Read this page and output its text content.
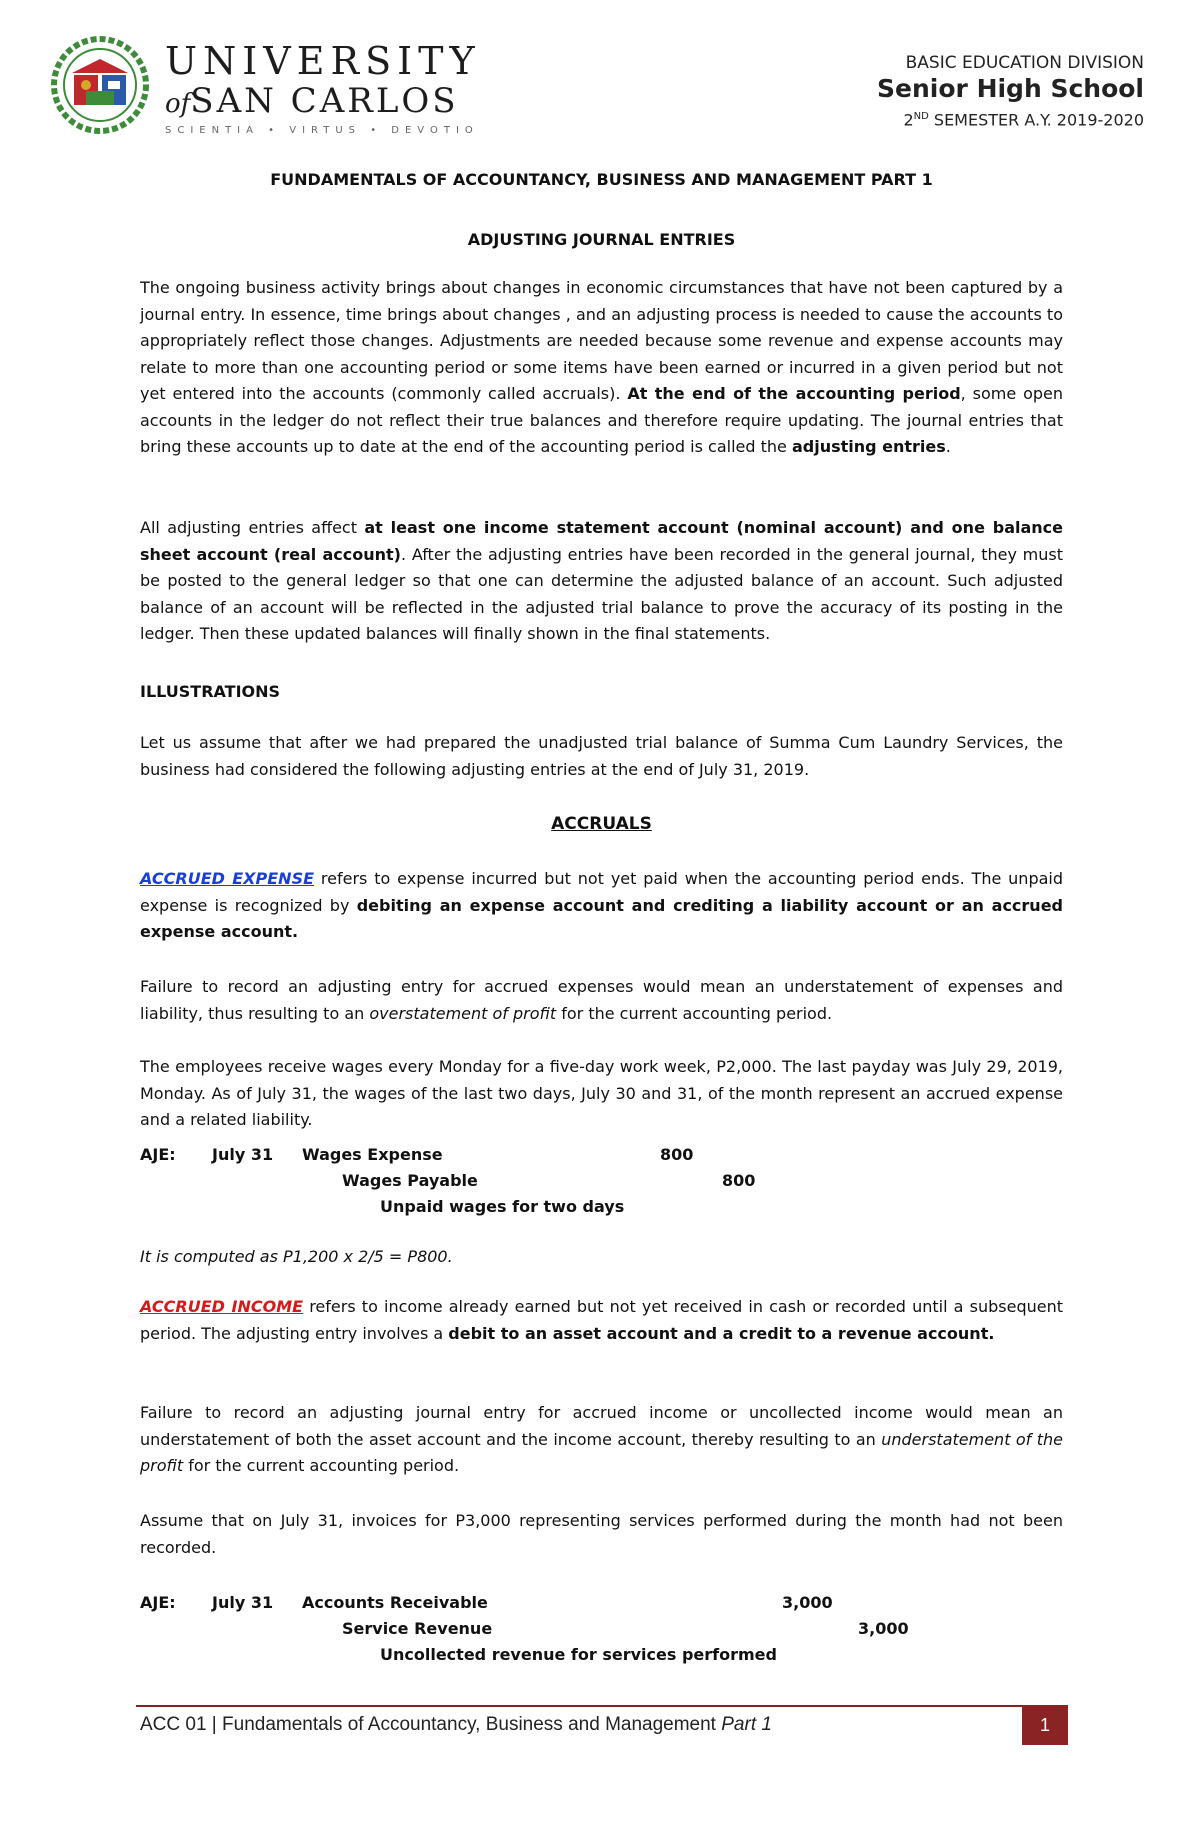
UNIVERSITY
ofSAN CARLOS
SCIENTIA • VIRTUS • DEVOTIO
BASIC EDUCATION DIVISION
Senior High School
2ND SEMESTER A.Y. 2019-2020

FUNDAMENTALS OF ACCOUNTANCY, BUSINESS AND MANAGEMENT PART 1

ADJUSTING JOURNAL ENTRIES

The ongoing business activity brings about changes in economic circumstances that have not been captured by a journal entry. In essence, time brings about changes , and an adjusting process is needed to cause the accounts to appropriately reflect those changes. Adjustments are needed because some revenue and expense accounts may relate to more than one accounting period or some items have been earned or incurred in a given period but not yet entered into the accounts (commonly called accruals). At the end of the accounting period, some open accounts in the ledger do not reflect their true balances and therefore require updating. The journal entries that bring these accounts up to date at the end of the accounting period is called the adjusting entries.

All adjusting entries affect at least one income statement account (nominal account) and one balance sheet account (real account). After the adjusting entries have been recorded in the general journal, they must be posted to the general ledger so that one can determine the adjusted balance of an account. Such adjusted balance of an account will be reflected in the adjusted trial balance to prove the accuracy of its posting in the ledger. Then these updated balances will finally shown in the final statements.

ILLUSTRATIONS

Let us assume that after we had prepared the unadjusted trial balance of Summa Cum Laundry Services, the business had considered the following adjusting entries at the end of July 31, 2019.

ACCRUALS

ACCRUED EXPENSE refers to expense incurred but not yet paid when the accounting period ends. The unpaid expense is recognized by debiting an expense account and crediting a liability account or an accrued expense account.

Failure to record an adjusting entry for accrued expenses would mean an understatement of expenses and liability, thus resulting to an overstatement of profit for the current accounting period.

The employees receive wages every Monday for a five-day work week, P2,000. The last payday was July 29, 2019, Monday. As of July 31, the wages of the last two days, July 30 and 31, of the month represent an accrued expense and a related liability.

AJE: July 31 Wages Expense	800
Wages Payable	800
Unpaid wages for two days

It is computed as P1,200 x 2/5 = P800.

ACCRUED INCOME refers to income already earned but not yet received in cash or recorded until a subsequent period. The adjusting entry involves a debit to an asset account and a credit to a revenue account.

Failure to record an adjusting journal entry for accrued income or uncollected income would mean an understatement of both the asset account and the income account, thereby resulting to an understatement of the profit for the current accounting period.

Assume that on July 31, invoices for P3,000 representing services performed during the month had not been recorded.

AJE: July 31 Accounts Receivable	3,000
Service Revenue	3,000
Uncollected revenue for services performed
ACC 01 | Fundamentals of Accountancy, Business and Management Part 1	1
